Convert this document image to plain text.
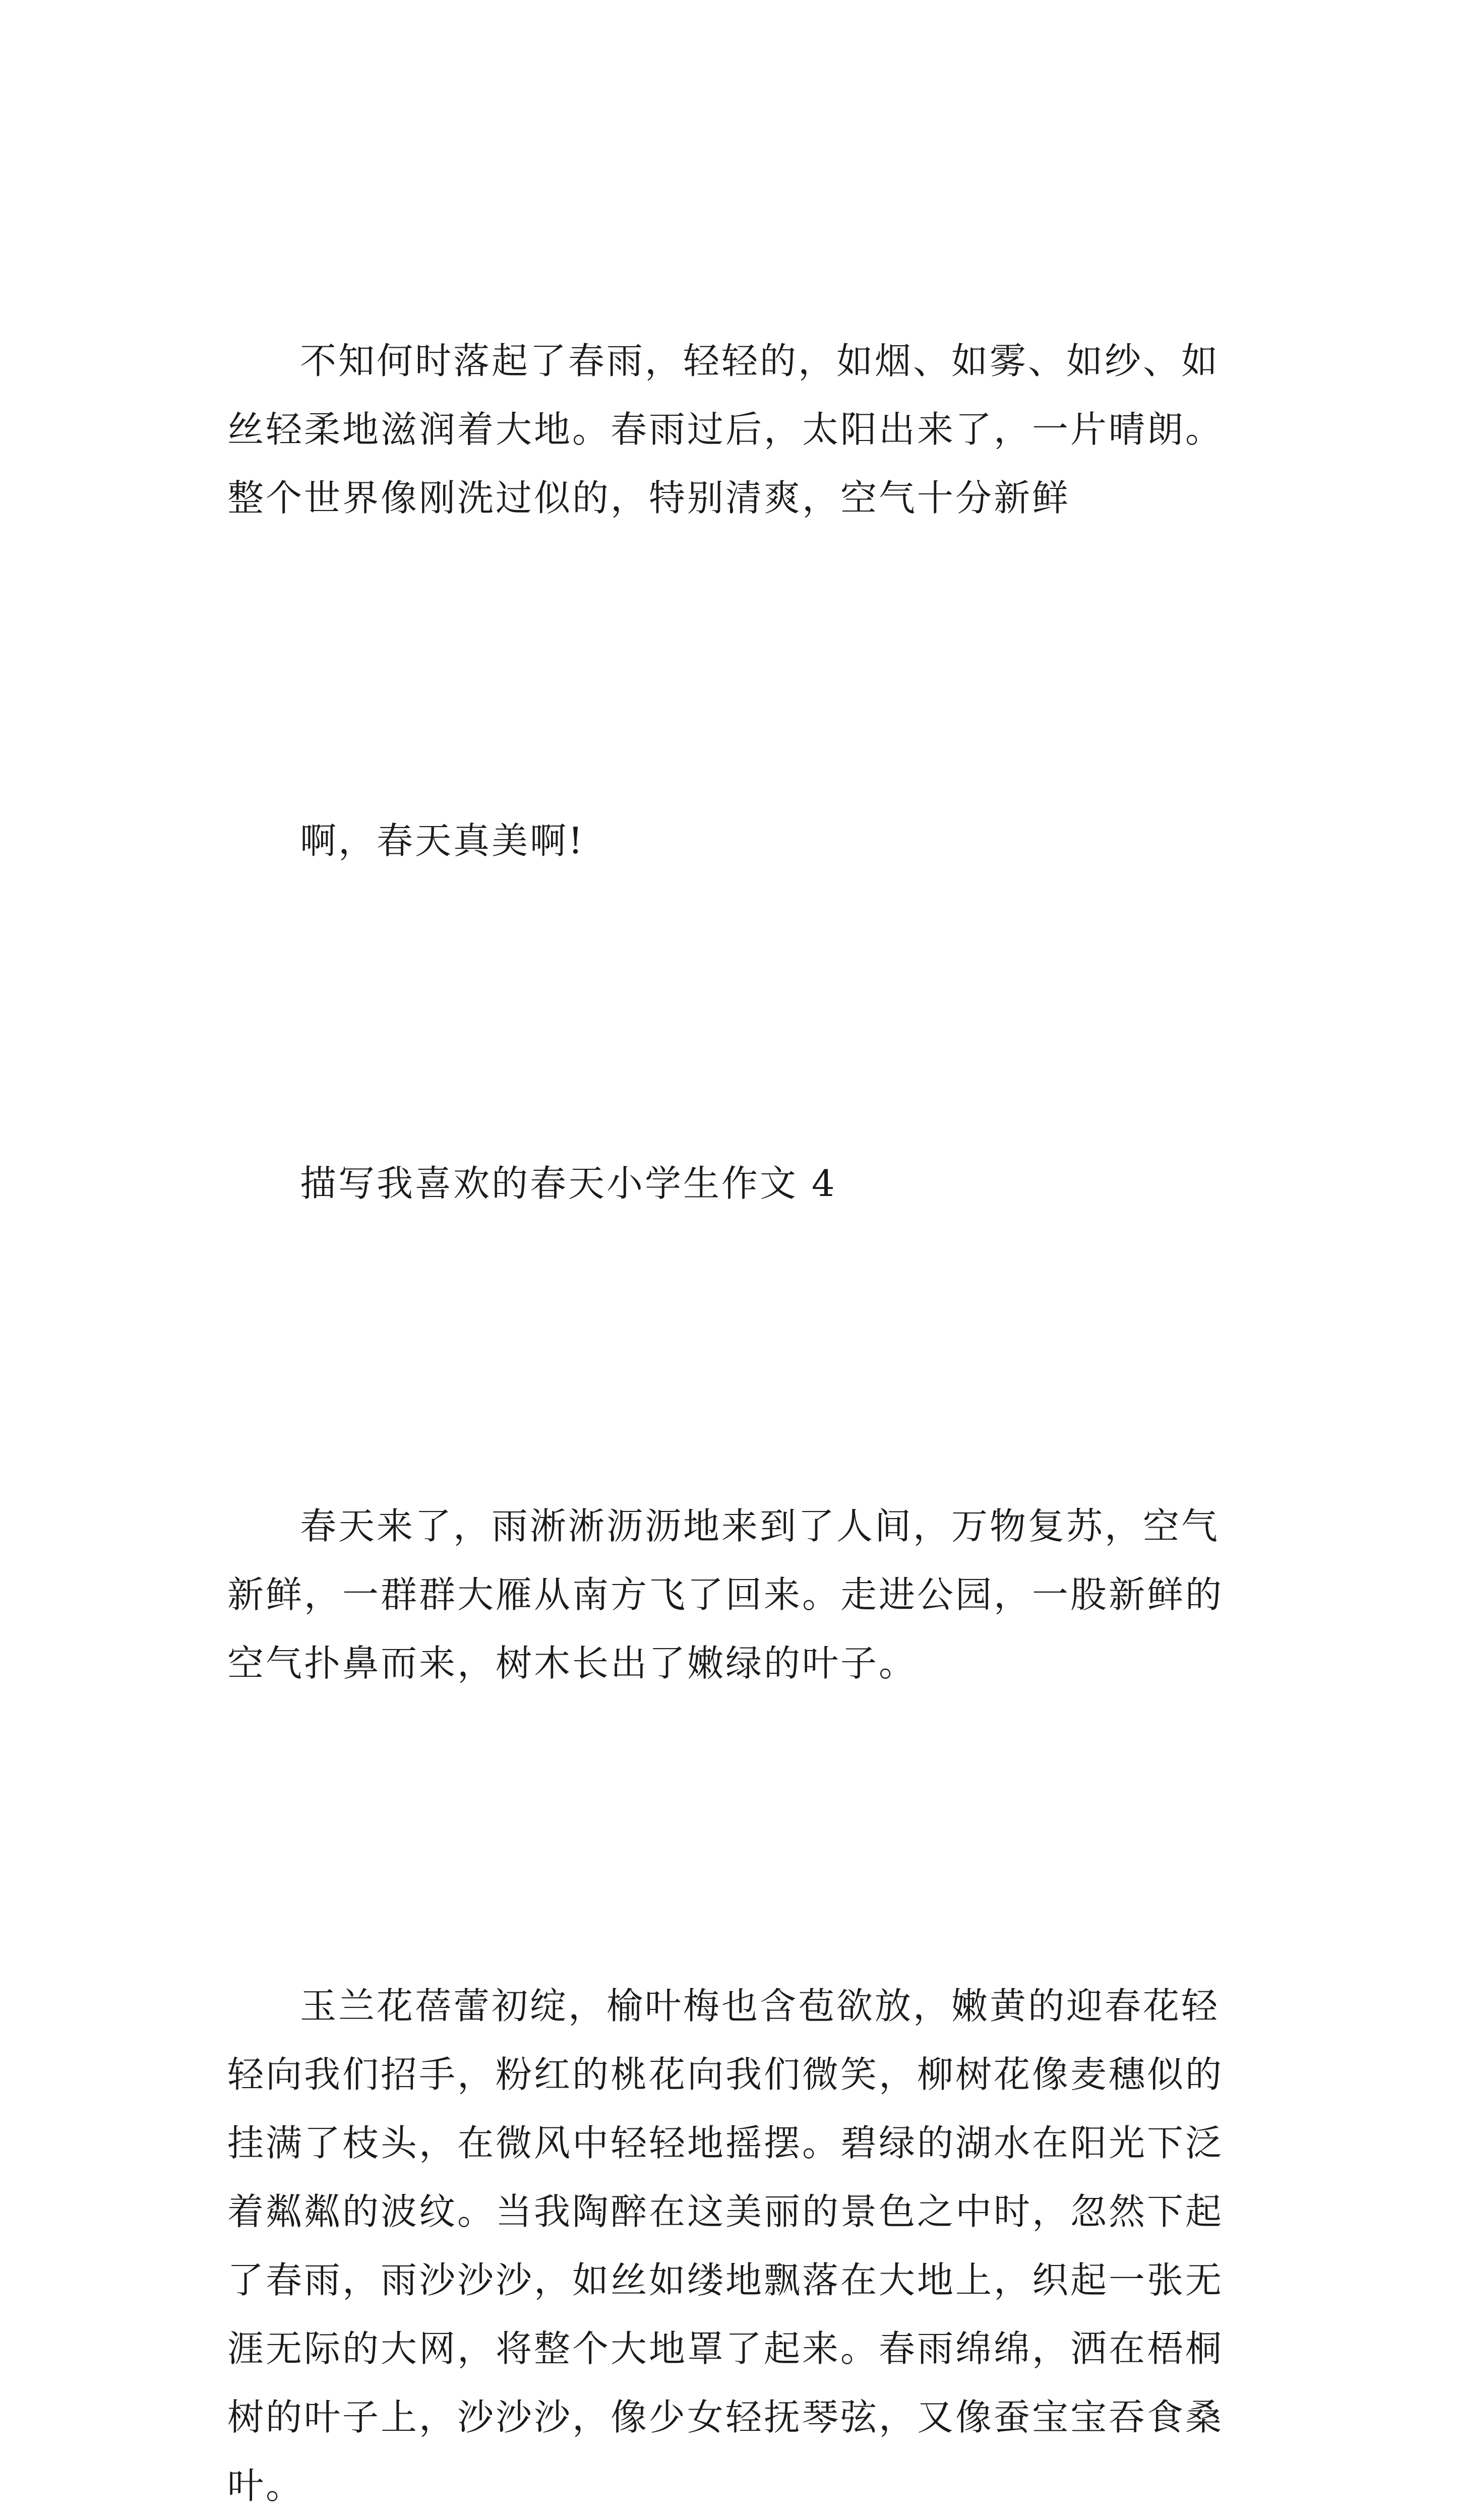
不知何时落起了春雨，轻轻的，如烟、如雾、如纱、如
丝轻柔地滋润着大地。春雨过后，太阳出来了，一片晴朗。
整个世界像刚洗过似的，特别清爽，空气十分新鲜

啊，春天真美啊!

描写我喜欢的春天小学生作文 4

春天来了，雨淅淅沥沥地来到了人间，万物复苏，空气
新鲜，一群群大雁从南方飞了回来。走进公园，一股新鲜的
空气扑鼻而来，树木长出了嫩绿的叶子。

玉兰花蓓蕾初绽，榆叶梅也含苞欲放，嫩黄的迎春花轻
轻向我们招手，粉红的桃花向我们微笑，柳树花像麦穗似的
挂满了枝头，在微风中轻轻地摇摆。碧绿的湖水在阳光下泛
着粼粼的波纹。当我陶醉在这美丽的景色之中时，忽然下起
了春雨，雨沙沙沙，如丝如缕地飘落在大地上，织起一张无
涯无际的大网，将整个大地罩了起来。春雨绵绵，洒在梧桐
树的叶子上，沙沙沙，像少女轻抚琴弦，又像蚕宝宝吞食桑
叶。
